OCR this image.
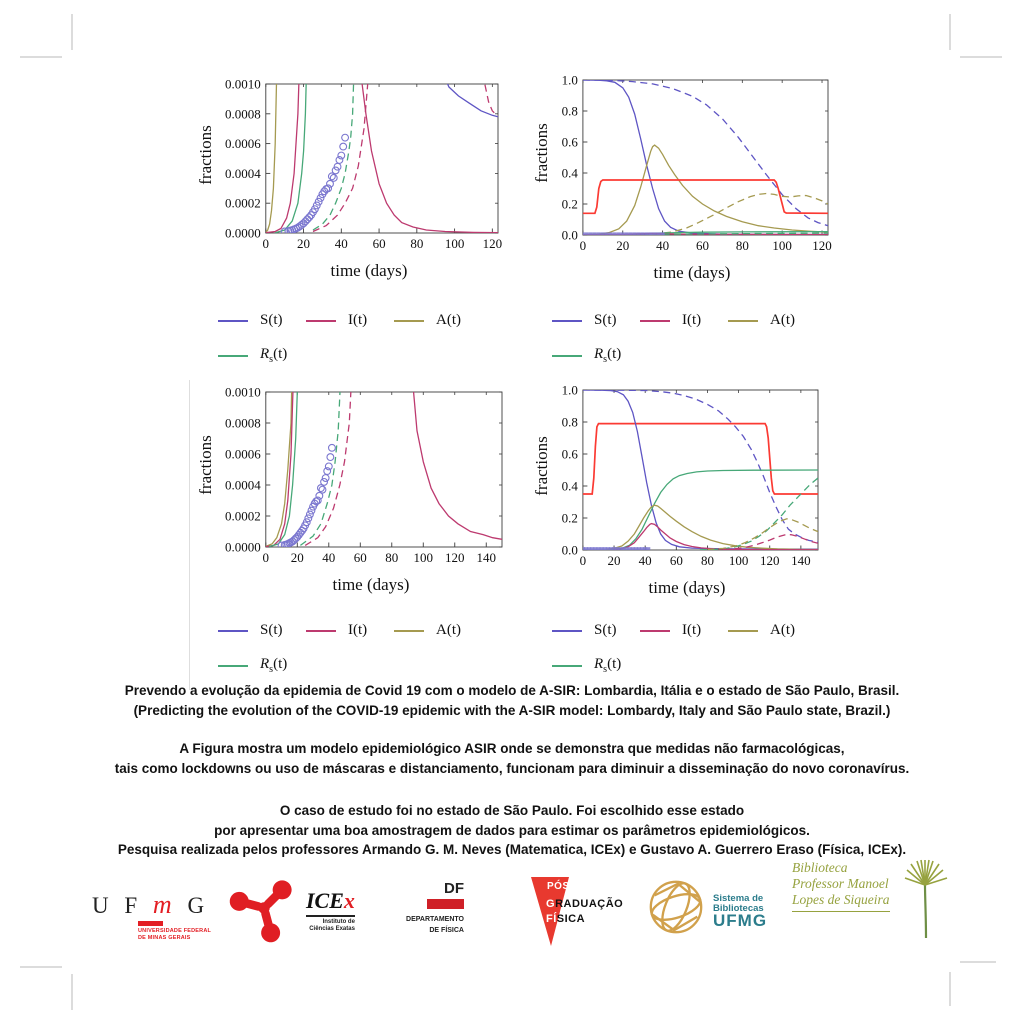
fractions
0 20 40 60 80 100 120
0.0000
0.0002
0.0004
0.0006
0.0008
0.0010
time (days)
fractions
0 20 40 60 80 100 120
0.0
0.2
0.4
0.6
0.8
1.0
time (days)
fractions
0 20 40 60 80 100 120 140
0.0000
0.0002
0.0004
0.0006
0.0008
0.0010
time (days)
fractions
0 20 40 60 80 100 120 140
0.0
0.2
0.4
0.6
0.8
1.0
time (days)
S(t)	I(t)	A(t)
$R_s(t)$
S(t)	I(t)	A(t)
$R_s(t)$
S(t)	I(t)	A(t)
$R_s(t)$
S(t)	I(t)	A(t)
$R_s(t)$
Prevendo a evolução da epidemia de Covid 19 com o modelo de A-SIR: Lombardia, Itália e o estado de São Paulo, Brasil.
(Predicting the evolution of the COVID-19 epidemic with the A-SIR model: Lombardy, Italy and São Paulo state, Brazil.)
A Figura mostra um modelo epidemiológico ASIR onde se demonstra que medidas não farmacológicas,
tais como lockdowns ou uso de máscaras e distanciamento, funcionam para diminuir a disseminação do novo coronavírus.
O caso de estudo foi no estado de São Paulo. Foi escolhido esse estado
por apresentar uma boa amostragem de dados para estimar os parâmetros epidemiológicos.
Pesquisa realizada pelos professores Armando G. M. Neves (Matematica, ICEx) e Gustavo A. Guerrero Eraso (Física, ICEx).
U F m G
UNIVERSIDADE FEDERAL
DE MINAS GERAIS
ICEx
Instituto de
Ciências Exatas
DF
DEPARTAMENTO
DE FÍSICA
PÓS
GRADUAÇÃO
FÍSICA
Sistema de
Bibliotecas
UFMG
Biblioteca
Professor Manoel
Lopes de Siqueira
